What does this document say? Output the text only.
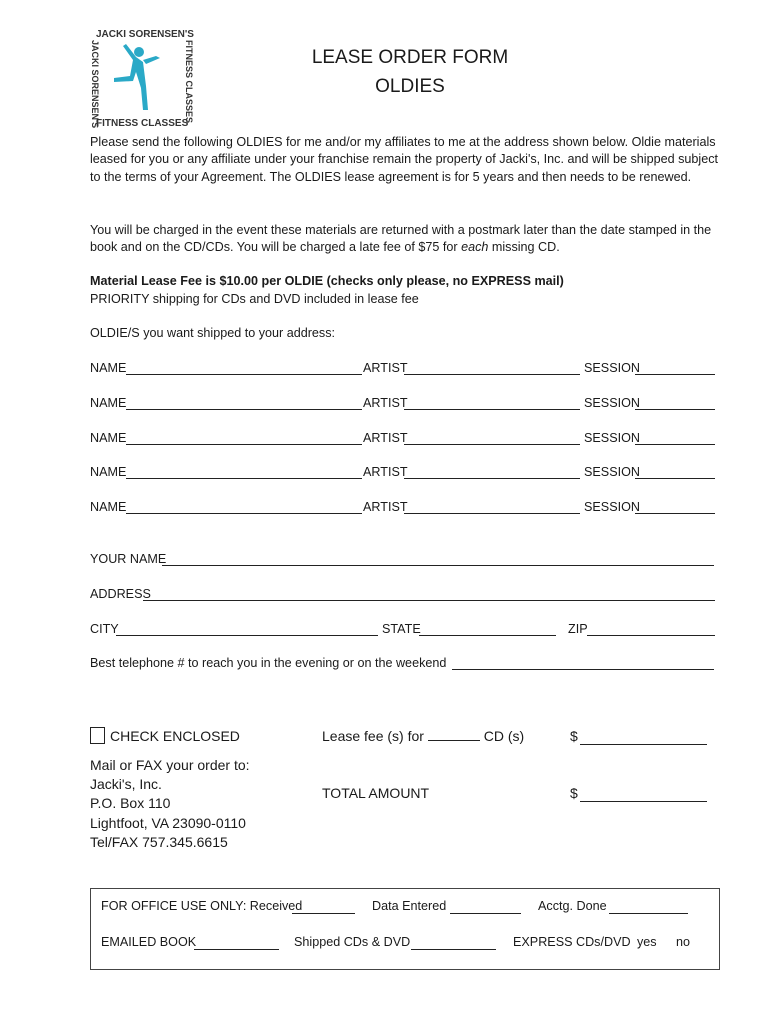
JACKI SORENSEN'S
FITNESS CLASSES
JACKI SORENSEN'S	FITNESS CLASSES	LEASE ORDER FORM
OLDIES
Please send the following OLDIES for me and/or my affiliates to me at the address shown below. Oldie materials leased for you or any affiliate under your franchise remain the property of Jacki's, Inc. and will be shipped subject to the terms of your Agreement. The OLDIES lease agreement is for 5 years and then needs to be renewed.
You will be charged in the event these materials are returned with a postmark later than the date stamped in the book and on the CD/CDs. You will be charged a late fee of $75 for each missing CD.
Material Lease Fee is $10.00 per OLDIE (checks only please, no EXPRESS mail)
PRIORITY shipping for CDs and DVD included in lease fee
OLDIE/S you want shipped to your address:
NAME	ARTIST	SESSION
NAME	ARTIST	SESSION
NAME	ARTIST	SESSION
NAME	ARTIST	SESSION
NAME	ARTIST	SESSION
YOUR NAME
ADDRESS
CITY	STATE	ZIP
Best telephone # to reach you in the evening or on the weekend
CHECK ENCLOSED	Lease fee (s) for	CD (s)	$
Mail or FAX your order to:
Jacki's, Inc.
P.O. Box 110
Lightfoot, VA 23090-0110
Tel/FAX 757.345.6615
TOTAL AMOUNT	$
FOR OFFICE USE ONLY: Received	Data Entered	Acctg. Done
EMAILED BOOK	Shipped CDs & DVD	EXPRESS CDs/DVD yes no
